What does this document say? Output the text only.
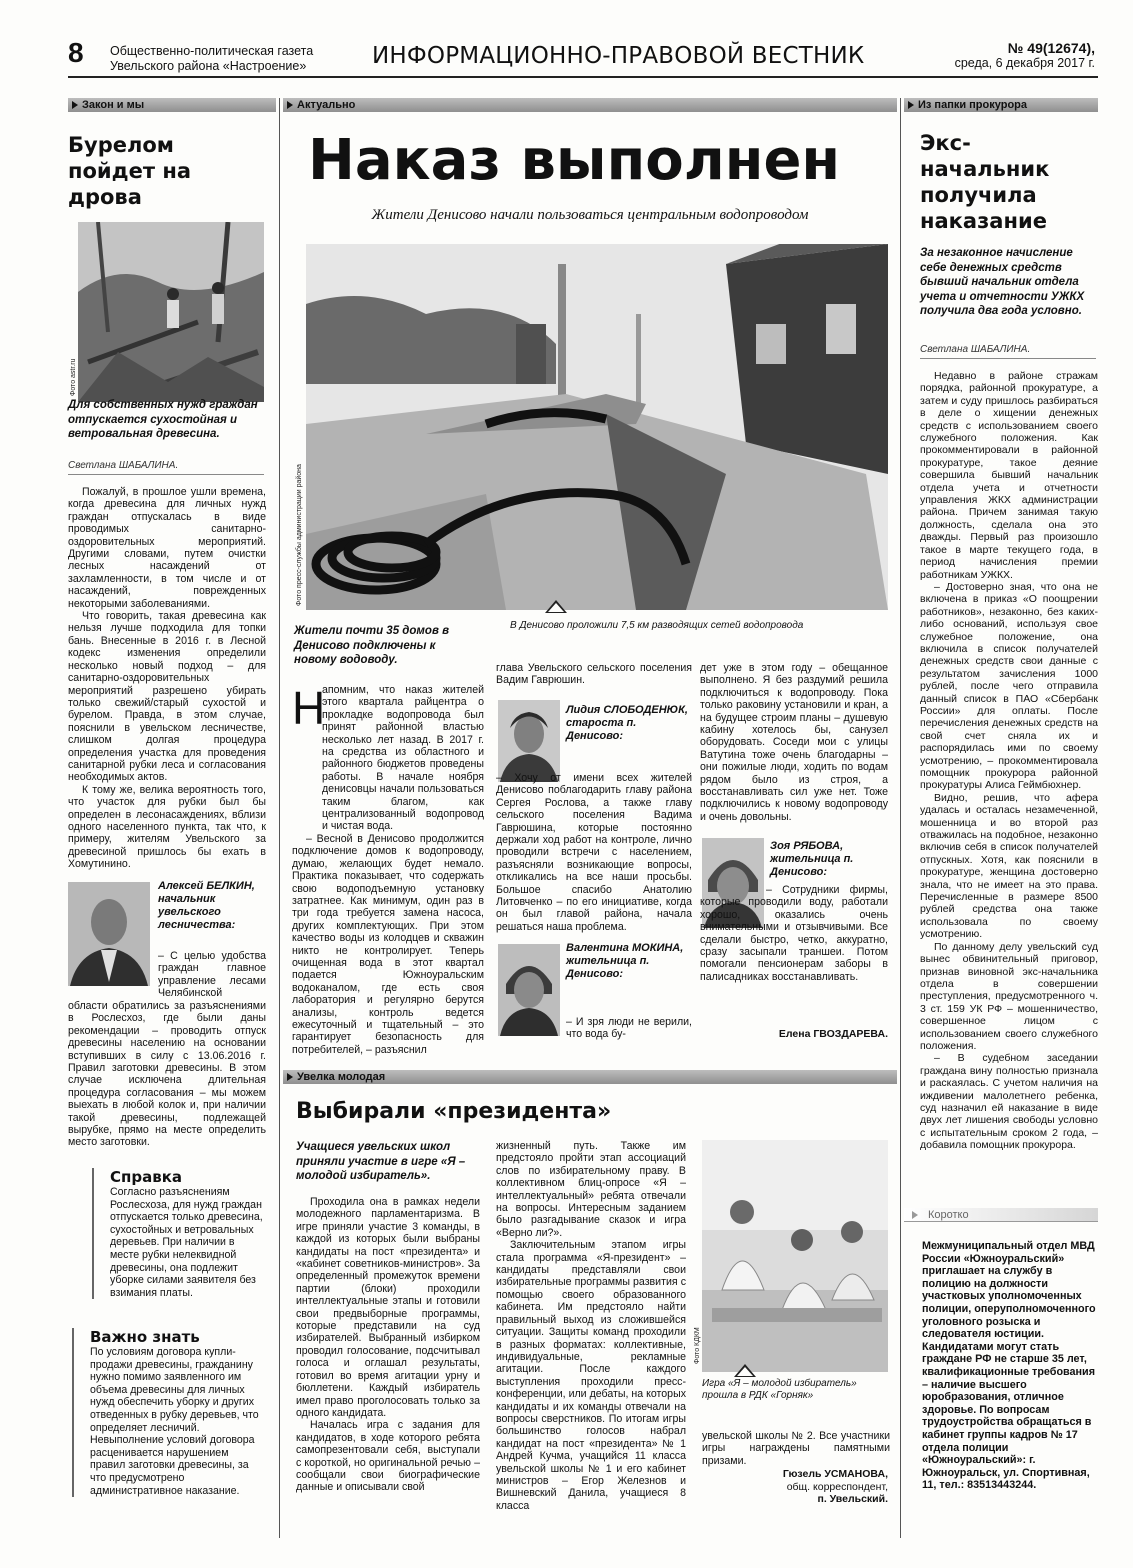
8 Общественно-политическая газета
Увельского района «Настроение»	ИНФОРМАЦИОННО-ПРАВОВОЙ ВЕСТНИК	№ 49(12674),
среда, 6 декабря 2017 г.
Закон и мы
Бурелом пойдет на дрова
Фото astr.ru
Для собственных нужд граждан отпускается сухостойная и ветровальная древесина.
Светлана ШАБАЛИНА.

Пожалуй, в прошлое ушли времена, когда древесина для личных нужд граждан отпускалась в виде проводимых санитарно-оздоровительных мероприятий. Другими словами, путем очистки лесных насаждений от захламленности, в том числе и от насаждений, поврежденных некоторыми заболеваниями.

Что говорить, такая древесина как нельзя лучше подходила для топки бань. Внесенные в 2016 г. в Лесной кодекс изменения определили несколько новый подход – для санитарно-оздоровительных мероприятий разрешено убирать только свежий/старый сухостой и бурелом. Правда, в этом случае, пояснили в увельском лесничестве, слишком долгая процедура определения участка для проведения санитарной рубки леса и согласования необходимых актов.

К тому же, велика вероятность того, что участок для рубки был бы определен в лесонасаждениях, вблизи одного населенного пункта, так что, к примеру, жителям Увельского за древесиной пришлось бы ехать в Хомутинино.

Алексей БЕЛКИН,
начальник увельского лесничества:
– С целью удобства граждан главное управление лесами Челябинской
области обратились за разъяснениями в Рослесхоз, где были даны рекомендации – проводить отпуск древесины населению на основании вступивших в силу с 13.06.2016 г. Правил заготовки древесины. В этом случае исключена длительная процедура согласования – мы можем выехать в любой колок и, при наличии такой древесины, подлежащей вырубке, прямо на месте определить место заготовки.
Справка
Согласно разъяснениям Рослесхоза, для нужд граждан отпускается только древесина, сухостойных и ветровальных деревьев. При наличии в месте рубки нелеквидной древесины, она подлежит уборке силами заявителя без взимания платы.
Важно знать
По условиям договора купли-продажи древесины, гражданину нужно помимо заявленного им объема древесины для личных нужд обеспечить уборку и других отведенных в рубку деревьев, что определяет лесничий. Невыполнение условий договора расценивается нарушением правил заготовки древесины, за что предусмотрено административное наказание.
Актуально
Наказ выполнен
Жители Денисово начали пользоваться центральным водопроводом
Фото пресс-службы администрации района
Жители почти 35 домов в Денисово подключены к новому водоводу.
В Денисово проложили 7,5 км разводящих сетей водопровода
Н

апомним, что наказ жителей этого квартала райцентра о прокладке водопровода был принят районной властью несколько лет назад. В 2017 г. на средства из областного и районного бюджетов проведены работы. В начале ноября денисовцы начали пользоваться таким благом, как централизованный водопровод и чистая вода.

– Весной в Денисово продолжится подключение домов к водопроводу, думаю, желающих будет немало. Практика показывает, что содержать свою водоподъемную установку затратнее. Как минимум, один раз в три года требуется замена насоса, других комплектующих. При этом качество воды из колодцев и скважин никто не контролирует. Теперь очищенная вода в этот квартал подается Южноуральским водоканалом, где есть своя лаборатория и регулярно берутся анализы, контроль ведется ежесуточный и тщательный – это гарантирует безопасность для потребителей, – разъяснил

глава Увельского сельского поселения Вадим Гаврюшин.
Лидия СЛОБОДЕНЮК,
староста п. Денисово:
– Хочу от имени всех жителей Денисово поблагодарить главу района Сергея Рослова, а также главу сельского поселения Вадима Гаврюшина, которые постоянно держали ход работ на контроле, лично проводили встречи с населением, разъясняли возникающие вопросы, откликались на все наши просьбы. Большое спасибо Анатолию Литовченко – по его инициативе, когда он был главой района, начала решаться наша проблема.
Валентина МОКИНА,
жительница п. Денисово:
– И зря люди не верили, что вода бу-
дет уже в этом году – обещанное выполнено. Я без раздумий решила подключиться к водопроводу. Пока только раковину установили и кран, а на будущее строим планы – душевую кабину хотелось бы, санузел оборудовать. Соседи мои с улицы Ватутина тоже очень благодарны – они пожилые люди, ходить по водам рядом было из строя, а восстанавливать сил уже нет. Тоже подключились к новому водопроводу и очень довольны.
Зоя РЯБОВА,
жительница п. Денисово:
– Сотрудники фирмы, которые проводили воду, работали хорошо, оказались очень внимательными и отзывчивыми. Все сделали быстро, четко, аккуратно, сразу засыпали траншеи. Потом помогали пенсионерам заборы в палисадниках восстанавливать.
Елена ГВОЗДАРЕВА.
Увелка молодая
Выбирали «президента»
Учащиеся увельских школ приняли участие в игре «Я – молодой избиратель».

Проходила она в рамках недели молодежного парламентаризма. В игре приняли участие 3 команды, в каждой из которых были выбраны кандидаты на пост «президента» и «кабинет советников-министров». За определенный промежуток времени партии (блоки) проходили интеллектуальные этапы и готовили свои предвыборные программы, которые представили на суд избирателей. Выбранный избирком проводил голосование, подсчитывал голоса и оглашал результаты, готовил во время агитации урну и бюллетени. Каждый избиратель имел право проголосовать только за одного кандидата.

Началась игра с задания для кандидатов, в ходе которого ребята самопрезентовали себя, выступали с короткой, но оригинальной речью – сообщали свои биографические данные и описывали свой

жизненный путь. Также им предстояло пройти этап ассоциаций слов по избирательному праву. В коллективном блиц-опросе «Я – интеллектуальный» ребята отвечали на вопросы. Интересным заданием было разгадывание сказок и игра «Верно ли?».

Заключительным этапом игры стала программа «Я-президент» – кандидаты представляли свои избирательные программы развития с помощью своего образованного кабинета. Им предстояло найти правильный выход из сложившейся ситуации. Защиты команд проходили в разных форматах: коллективные, индивидуальные, рекламные агитации. После каждого выступления проходили пресс-конференции, или дебаты, на которых кандидаты и их команды отвечали на вопросы сверстников. По итогам игры большинство голосов набрал кандидат на пост «президента» № 1 Андрей Кучма, учащийся 11 класса увельской школы № 1 и его кабинет министров – Егор Железнов и Вишневский Данила, учащиеся 8 класса

Фото КДКМ
Игра «Я – молодой избиратель» прошла в РДК «Горняк»
увельской школы № 2. Все участники игры награждены памятными призами.
Гюзель УСМАНОВА,
общ. корреспондент,
п. Увельский.
Из папки прокурора
Экс-начальник получила наказание
За незаконное начисление себе денежных средств бывший начальник отдела учета и отчетности УЖКХ получила два года условно.
Светлана ШАБАЛИНА.

Недавно в районе стражам порядка, районной прокуратуре, а затем и суду пришлось разбираться в деле о хищении денежных средств с использованием своего служебного положения. Как прокомментировали в районной прокуратуре, такое деяние совершила бывший начальник отдела учета и отчетности управления ЖКХ администрации района. Причем занимая такую должность, сделала она это дважды. Первый раз произошло такое в марте текущего года, в период начисления премии работникам УЖКХ.

– Достоверно зная, что она не включена в приказ «О поощрении работников», незаконно, без каких-либо оснований, используя свое служебное положение, она включила в список получателей денежных средств свои данные с результатом зачисления 1000 рублей, после чего отправила данный список в ПАО «Сбербанк России» для оплаты. После перечисления денежных средств на свой счет сняла их и распорядилась ими по своему усмотрению, – прокомментировала помощник прокурора районной прокуратуры Алиса Геймбюхнер.

Видно, решив, что афера удалась и осталась незамеченной, мошенница и во второй раз отважилась на подобное, незаконно включив себя в список получателей отпускных. Хотя, как пояснили в прокуратуре, женщина достоверно знала, что не имеет на это права. Перечисленные в размере 8500 рублей средства она также использовала по своему усмотрению.

По данному делу увельский суд вынес обвинительный приговор, признав виновной экс-начальника отдела в совершении преступления, предусмотренного ч. 3 ст. 159 УК РФ – мошенничество, совершенное лицом с использованием своего служебного положения.

– В судебном заседании граждана вину полностью признала и раскаялась. С учетом наличия на иждивении малолетнего ребенка, суд назначил ей наказание в виде двух лет лишения свободы условно с испытательным сроком 2 года, – добавила помощник прокурора.

Коротко
Межмуниципальный отдел МВД России «Южноуральский» приглашает на службу в полицию на должности участковых уполномоченных полиции, оперуполномоченного уголовного розыска и следователя юстиции. Кандидатами могут стать граждане РФ не старше 35 лет, квалификационные требования – наличие высшего юробразования, отличное здоровье. По вопросам трудоустройства обращаться в кабинет группы кадров № 17 отдела полиции «Южноуральский»: г. Южноуральск, ул. Спортивная, 11, тел.: 83513443244.
